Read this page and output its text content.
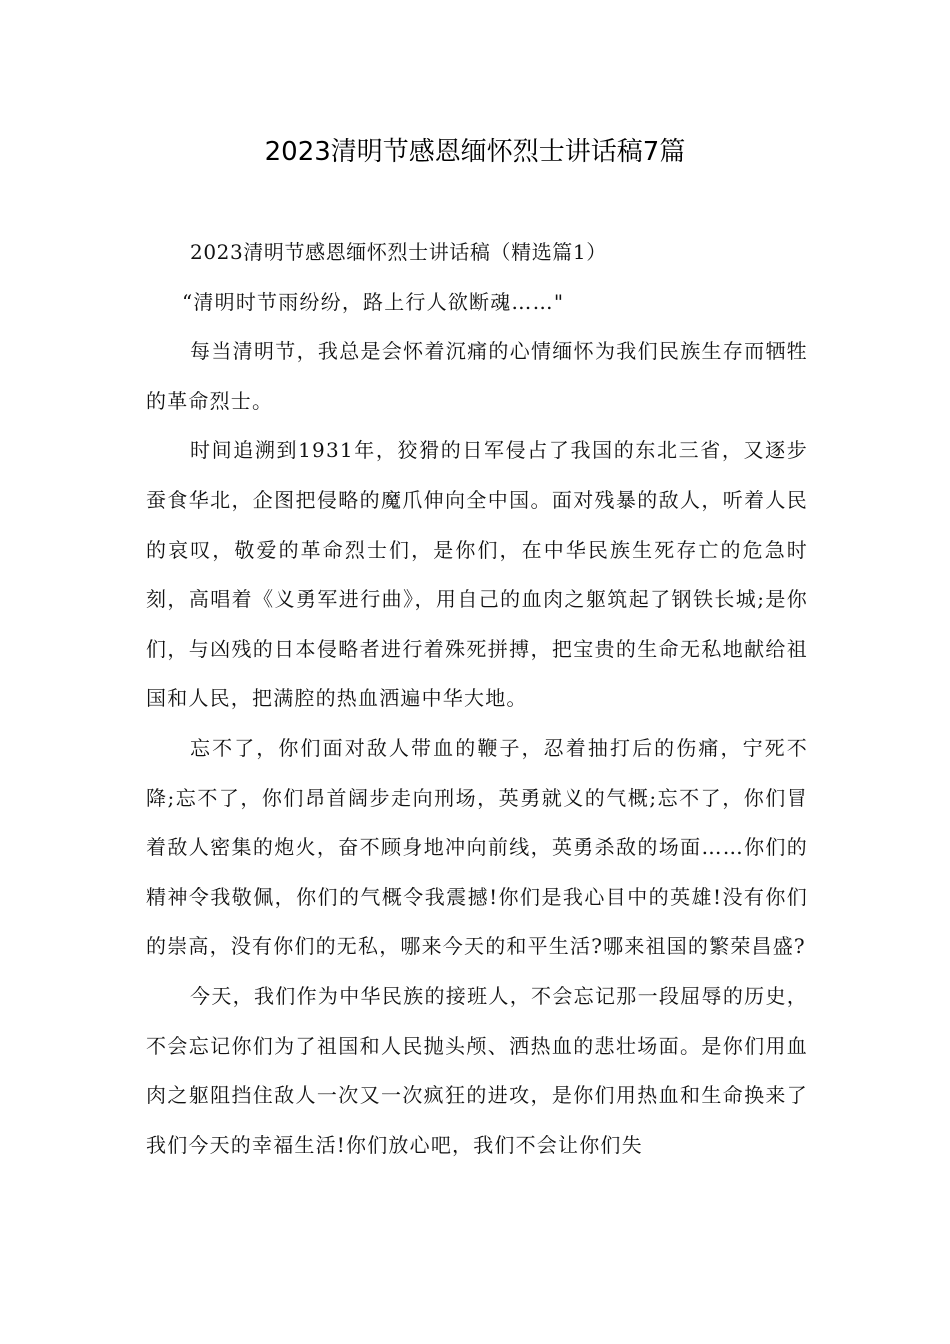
2023清明节感恩缅怀烈士讲话稿7篇

2023清明节感恩缅怀烈士讲话稿（精选篇1）

“清明时节雨纷纷，路上行人欲断魂……"

每当清明节，我总是会怀着沉痛的心情缅怀为我们民族生存而牺牲的革命烈士。

时间追溯到1931年，狡猾的日军侵占了我国的东北三省，又逐步蚕食华北，企图把侵略的魔爪伸向全中国。面对残暴的敌人，听着人民的哀叹，敬爱的革命烈士们，是你们，在中华民族生死存亡的危急时刻，高唱着《义勇军进行曲》，用自己的血肉之躯筑起了钢铁长城;是你们，与凶残的日本侵略者进行着殊死拼搏，把宝贵的生命无私地献给祖国和人民，把满腔的热血洒遍中华大地。

忘不了，你们面对敌人带血的鞭子，忍着抽打后的伤痛，宁死不降;忘不了，你们昂首阔步走向刑场，英勇就义的气概;忘不了，你们冒着敌人密集的炮火，奋不顾身地冲向前线，英勇杀敌的场面……你们的精神令我敬佩，你们的气概令我震撼!你们是我心目中的英雄!没有你们的崇高，没有你们的无私，哪来今天的和平生活?哪来祖国的繁荣昌盛?

今天，我们作为中华民族的接班人，不会忘记那一段屈辱的历史，不会忘记你们为了祖国和人民抛头颅、洒热血的悲壮场面。是你们用血肉之躯阻挡住敌人一次又一次疯狂的进攻，是你们用热血和生命换来了我们今天的幸福生活!你们放心吧，我们不会让你们失
